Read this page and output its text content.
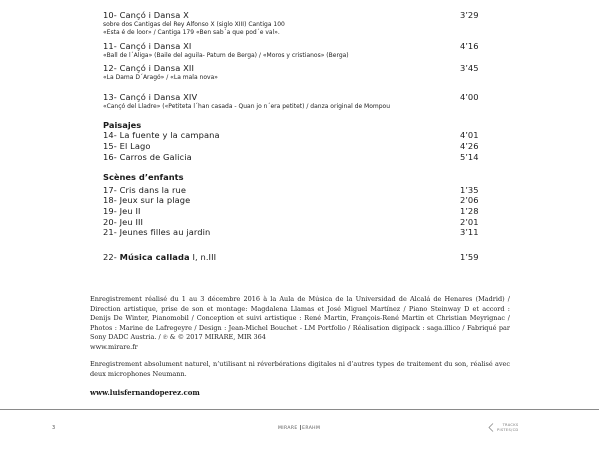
10- Cançó i Dansa X	3’29
sobre dos Cantigas del Rey Alfonso X (siglo XIII) Cantiga 100
«Esta é de loor» / Cantiga 179 «Ben sab´a que pod´e val».
11- Cançó i Dansa XI	4’16
«Ball de l´Aliga» (Baile del aguila- Patum de Berga) / «Moros y cristianos» (Berga)
12- Cançó i Dansa XII	3’45
«La Dama D´Aragó» / «La mala nova»
13- Cançó i Dansa XIV	4’00
«Cançó del Lladre» («Petiteta l´han casada - Quan jo n´era petitet) / danza original de Mompou
Paisajes
14- La fuente y la campana	4’01
15- El Lago	4’26
16- Carros de Galicia	5’14
Scènes d’enfants
17- Cris dans la rue	1’35
18- Jeux sur la plage	2’06
19- Jeu II	1’28
20- Jeu III	2’01
21- Jeunes filles au jardin	3’11
22- Música callada I, n.III	1’59

Enregistrement réalisé du 1 au 3 décembre 2016 à la Aula de Música de la Universidad de Alcalá de Henares (Madrid) / Direction artistique, prise de son et montage: Magdalena Llamas et José Miguel Martínez / Piano Steinway D et accord : Denijs De Winter, Pianomobil / Conception et suivi artistique : René Martin, François-René Martin et Christian Meyrignac / Photos : Marine de Lafregeyre / Design : Jean-Michel Bouchet - LM Portfolio / Réalisation digipack : saga.illico / Fabriqué par Sony DADC Austria. / ℗ & © 2017 MIRARE, MIR 364
www.mirare.fr

Enregistrement absolument naturel, n’utilisant ni réverbérations digitales ni d’autres types de traitement du son, réalisé avec deux microphones Neumann.

www.luisfernandoperez.com

3	MIRARE ERAHM
TRACKS
PISTES/CD
